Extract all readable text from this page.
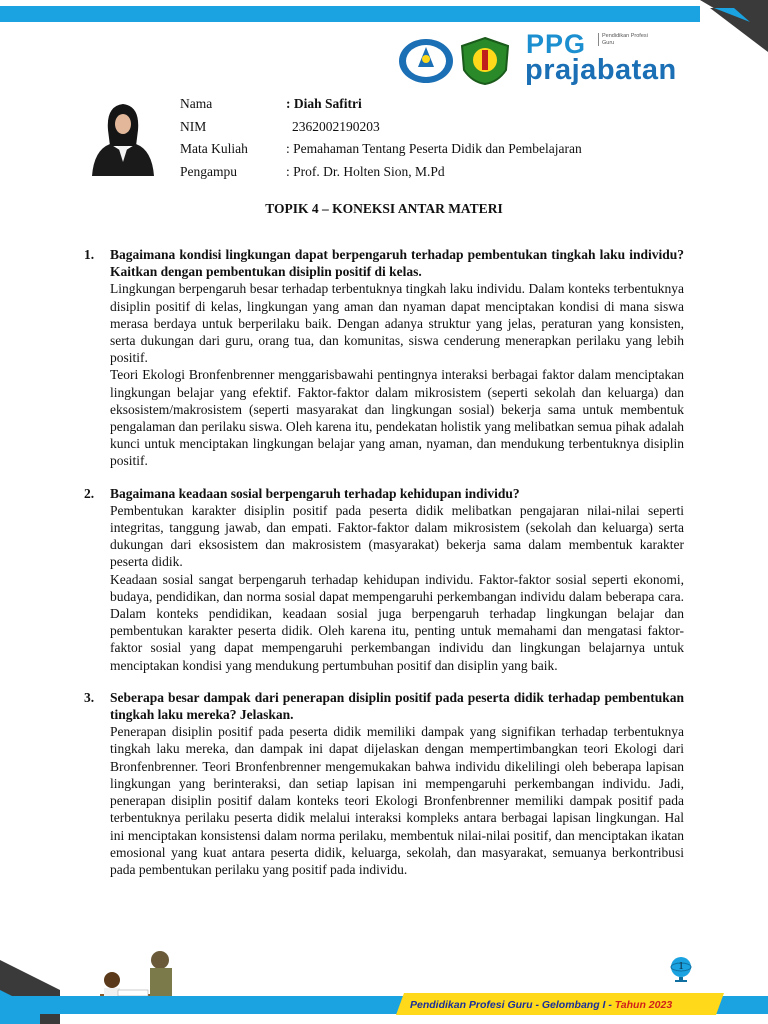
PPG	Pendidikan Profesi Guru
prajabatan
Nama	: Diah Safitri
NIM	2362002190203
Mata Kuliah	: Pemahaman Tentang Peserta Didik dan Pembelajaran
Pengampu	: Prof. Dr. Holten Sion, M.Pd
TOPIK 4 – KONEKSI ANTAR MATERI
1.	Bagaimana kondisi lingkungan dapat berpengaruh terhadap pembentukan tingkah laku individu? Kaitkan dengan pembentukan disiplin positif di kelas.
Lingkungan berpengaruh besar terhadap terbentuknya tingkah laku individu. Dalam konteks terbentuknya disiplin positif di kelas, lingkungan yang aman dan nyaman dapat menciptakan kondisi di mana siswa merasa berdaya untuk berperilaku baik. Dengan adanya struktur yang jelas, peraturan yang konsisten, serta dukungan dari guru, orang tua, dan komunitas, siswa cenderung menerapkan perilaku yang lebih positif.
Teori Ekologi Bronfenbrenner menggarisbawahi pentingnya interaksi berbagai faktor dalam menciptakan lingkungan belajar yang efektif. Faktor-faktor dalam mikrosistem (seperti sekolah dan keluarga) dan eksosistem/makrosistem (seperti masyarakat dan lingkungan sosial) bekerja sama untuk membentuk pengalaman dan perilaku siswa. Oleh karena itu, pendekatan holistik yang melibatkan semua pihak adalah kunci untuk menciptakan lingkungan belajar yang aman, nyaman, dan mendukung terbentuknya disiplin positif.
2.	Bagaimana keadaan sosial berpengaruh terhadap kehidupan individu?
Pembentukan karakter disiplin positif pada peserta didik melibatkan pengajaran nilai-nilai seperti integritas, tanggung jawab, dan empati. Faktor-faktor dalam mikrosistem (sekolah dan keluarga) serta dukungan dari eksosistem dan makrosistem (masyarakat) bekerja sama dalam membentuk karakter peserta didik.
Keadaan sosial sangat berpengaruh terhadap kehidupan individu. Faktor-faktor sosial seperti ekonomi, budaya, pendidikan, dan norma sosial dapat mempengaruhi perkembangan individu dalam beberapa cara. Dalam konteks pendidikan, keadaan sosial juga berpengaruh terhadap lingkungan belajar dan pembentukan karakter peserta didik. Oleh karena itu, penting untuk memahami dan mengatasi faktor-faktor sosial yang dapat mempengaruhi perkembangan individu dan lingkungan belajarnya untuk menciptakan kondisi yang mendukung pertumbuhan positif dan disiplin yang baik.
3.	Seberapa besar dampak dari penerapan disiplin positif pada peserta didik terhadap pembentukan tingkah laku mereka? Jelaskan.
Penerapan disiplin positif pada peserta didik memiliki dampak yang signifikan terhadap terbentuknya tingkah laku mereka, dan dampak ini dapat dijelaskan dengan mempertimbangkan teori Ekologi dari Bronfenbrenner. Teori Bronfenbrenner mengemukakan bahwa individu dikelilingi oleh beberapa lapisan lingkungan yang berinteraksi, dan setiap lapisan ini mempengaruhi perkembangan individu. Jadi, penerapan disiplin positif dalam konteks teori Ekologi Bronfenbrenner memiliki dampak positif pada terbentuknya perilaku peserta didik melalui interaksi kompleks antara berbagai lapisan lingkungan. Hal ini menciptakan konsistensi dalam norma perilaku, membentuk nilai-nilai positif, dan menciptakan ikatan emosional yang kuat antara peserta didik, keluarga, sekolah, dan masyarakat, semuanya berkontribusi pada pembentukan perilaku yang positif pada individu.
1
Pendidikan Profesi Guru - Gelombang I - Tahun 2023
